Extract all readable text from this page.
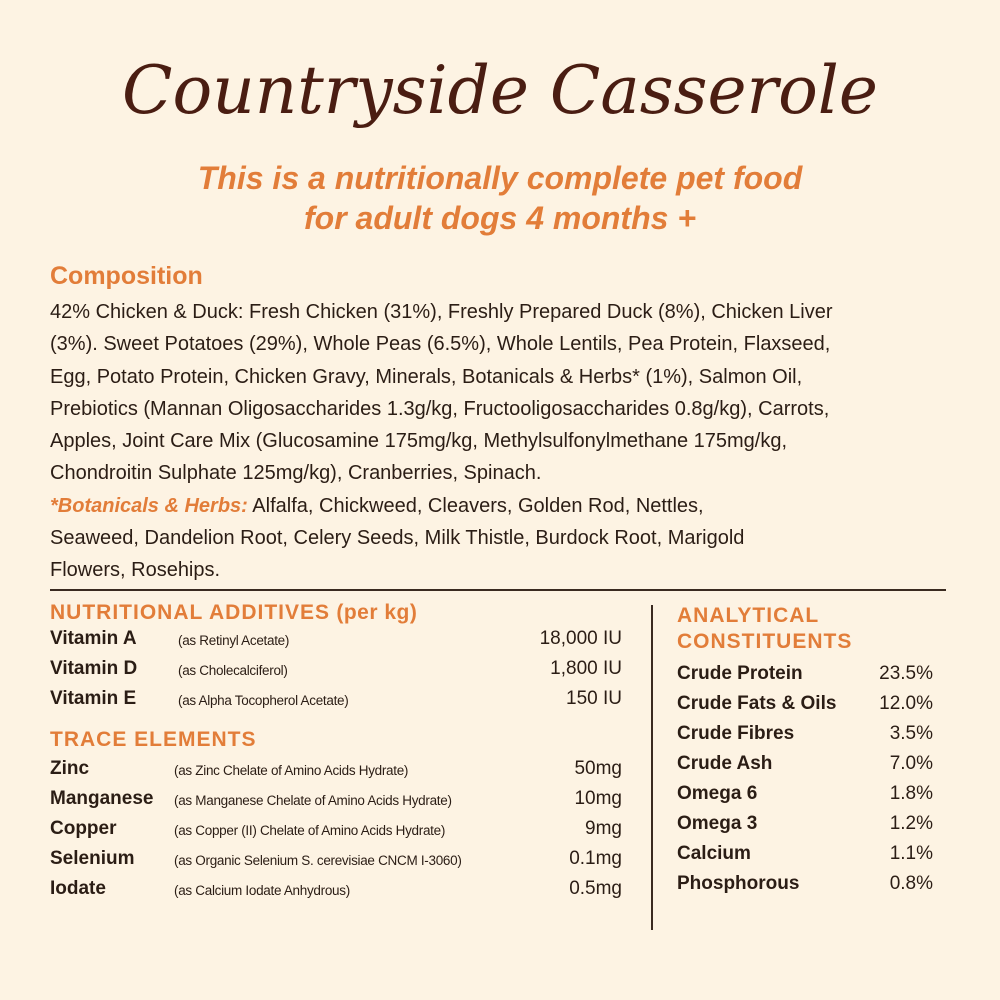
Countryside Casserole
This is a nutritionally complete pet food
for adult dogs 4 months +
Composition
42% Chicken & Duck: Fresh Chicken (31%), Freshly Prepared Duck (8%), Chicken Liver
(3%). Sweet Potatoes (29%), Whole Peas (6.5%), Whole Lentils, Pea Protein, Flaxseed,
Egg, Potato Protein, Chicken Gravy, Minerals, Botanicals & Herbs* (1%), Salmon Oil,
Prebiotics (Mannan Oligosaccharides 1.3g/kg, Fructooligosaccharides 0.8g/kg), Carrots,
Apples, Joint Care Mix (Glucosamine 175mg/kg, Methylsulfonylmethane 175mg/kg,
Chondroitin Sulphate 125mg/kg), Cranberries, Spinach.
*Botanicals & Herbs: Alfalfa, Chickweed, Cleavers, Golden Rod, Nettles,
Seaweed, Dandelion Root, Celery Seeds, Milk Thistle, Burdock Root, Marigold
Flowers, Rosehips.
NUTRITIONAL ADDITIVES (per kg)
Vitamin A	(as Retinyl Acetate)	18,000 IU
Vitamin D	(as Cholecalciferol)	1,800 IU
Vitamin E	(as Alpha Tocopherol Acetate)	150 IU
TRACE ELEMENTS
Zinc	(as Zinc Chelate of Amino Acids Hydrate)	50mg
Manganese (as Manganese Chelate of Amino Acids Hydrate)	10mg
Copper	(as Copper (II) Chelate of Amino Acids Hydrate)	9mg
Selenium	(as Organic Selenium S. cerevisiae CNCM I-3060)	0.1mg
Iodate	(as Calcium Iodate Anhydrous)	0.5mg
ANALYTICAL
CONSTITUENTS
Crude Protein	23.5%
Crude Fats & Oils 12.0%
Crude Fibres	3.5%
Crude Ash	7.0%
Omega 6	1.8%
Omega 3	1.2%
Calcium	1.1%
Phosphorous	0.8%
